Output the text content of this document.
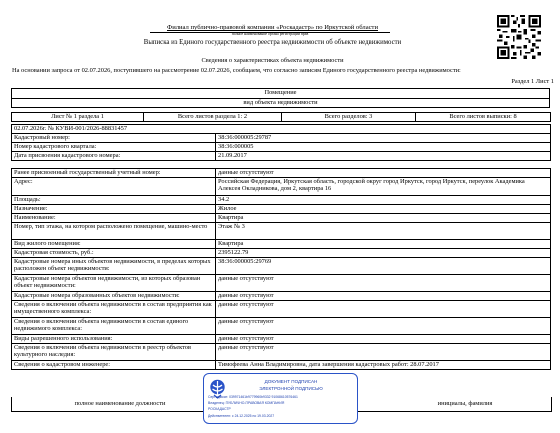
Филиал публично-правовой компании «Роскадастр» по Иркутской области
полное наименование органа регистрации прав
Выписка из Единого государственного реестра недвижимости об объекте недвижимости
Сведения о характеристиках объекта недвижимости
На основании запроса от 02.07.2026, поступившего на рассмотрение 02.07.2026, сообщаем, что согласно записям Единого государственного реестра недвижимости:
Раздел 1 Лист 1
Помещение
вид объекта недвижимости
Лист № 1 раздела 1	Всего листов раздела 1: 2	Всего разделов: 3	Всего листов выписки: 8
02.07.2026г. № КУВИ-001/2026-88831457	
Кадастровый номер:	38:36:000005:29787
Номер кадастрового квартала:	38:36:000005
Дата присвоения кадастрового номера:	21.09.2017
Ранее присвоенный государственный учетный номер:	данные отсутствуют
Адрес:	Российская Федерация, Иркутская область, городской округ город Иркутск, город Иркутск, переулок Академика Алексея Окладникова, дом 2, квартира 16
Площадь:	34.2
Назначение:	Жилое
Наименование:	Квартира
Номер, тип этажа, на котором расположено помещение, машино-место	Этаж № 3
Вид жилого помещения:	Квартира
Кадастровая стоимость, руб.:	2395122.79
Кадастровые номера иных объектов недвижимости, в пределах которых расположен объект недвижимости:	38:36:000005:29769
Кадастровые номера объектов недвижимости, из которых образован объект недвижимости:	данные отсутствуют
Кадастровые номера образованных объектов недвижимости:	данные отсутствуют
Сведения о включении объекта недвижимости в состав предприятия как имущественного комплекса:	данные отсутствуют
Сведения о включении объекта недвижимости в состав единого недвижимого комплекса:	данные отсутствуют
Виды разрешенного использования:	данные отсутствуют
Сведения о включении объекта недвижимости в реестр объектов культурного наследия:	данные отсутствуют
Сведения о кадастровом инженере:	Тимофеева Анна Владимировна, дата завершения кадастровых работ: 28.07.2017
полное наименование должности	инициалы, фамилия
ДОКУМЕНТ ПОДПИСАН
ЭЛЕКТРОННОЙ ПОДПИСЬЮ
Сертификат: 039971461b9779960b9332 91068610576461
Владелец: ПУБЛИЧНО-ПРАВОВАЯ КОМПАНИЯ
РОСКАДАСТР
Действителен: с 24.12.2025 по 19.03.2027
